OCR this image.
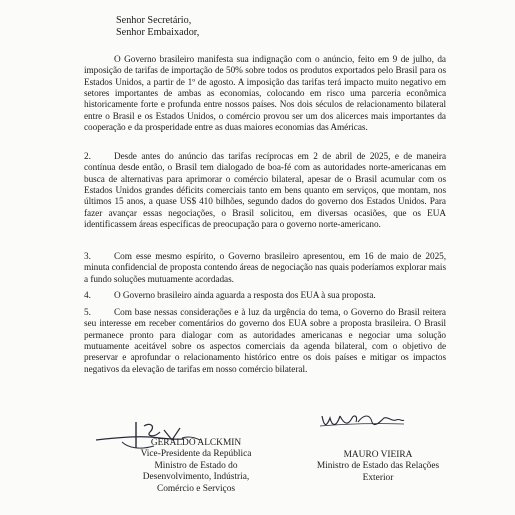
Senhor Secretário,
Senhor Embaixador,

O Governo brasileiro manifesta sua indignação com o anúncio, feito em 9 de julho, da imposição de tarifas de importação de 50% sobre todos os produtos exportados pelo Brasil para os Estados Unidos, a partir de 1º de agosto. A imposição das tarifas terá impacto muito negativo em setores importantes de ambas as economias, colocando em risco uma parceria econômica historicamente forte e profunda entre nossos países. Nos dois séculos de relacionamento bilateral entre o Brasil e os Estados Unidos, o comércio provou ser um dos alicerces mais importantes da cooperação e da prosperidade entre as duas maiores economias das Américas.

2.	Desde antes do anúncio das tarifas recíprocas em 2 de abril de 2025, e de maneira contínua desde então, o Brasil tem dialogado de boa-fé com as autoridades norte-americanas em busca de alternativas para aprimorar o comércio bilateral, apesar de o Brasil acumular com os Estados Unidos grandes déficits comerciais tanto em bens quanto em serviços, que montam, nos últimos 15 anos, a quase US$ 410 bilhões, segundo dados do governo dos Estados Unidos. Para fazer avançar essas negociações, o Brasil solicitou, em diversas ocasiões, que os EUA identificassem áreas específicas de preocupação para o governo norte-americano.

3.	Com esse mesmo espírito, o Governo brasileiro apresentou, em 16 de maio de 2025, minuta confidencial de proposta contendo áreas de negociação nas quais poderíamos explorar mais a fundo soluções mutuamente acordadas.

4.	O Governo brasileiro ainda aguarda a resposta dos EUA à sua proposta.

5.	Com base nessas considerações e à luz da urgência do tema, o Governo do Brasil reitera seu interesse em receber comentários do governo dos EUA sobre a proposta brasileira. O Brasil permanece pronto para dialogar com as autoridades americanas e negociar uma solução mutuamente aceitável sobre os aspectos comerciais da agenda bilateral, com o objetivo de preservar e aprofundar o relacionamento histórico entre os dois países e mitigar os impactos negativos da elevação de tarifas em nosso comércio bilateral.

GERALDO ALCKMIN
Vice-Presidente da República
Ministro de Estado do
Desenvolvimento, Indústria,
Comércio e Serviços
MAURO VIEIRA
Ministro de Estado das Relações
Exterior
